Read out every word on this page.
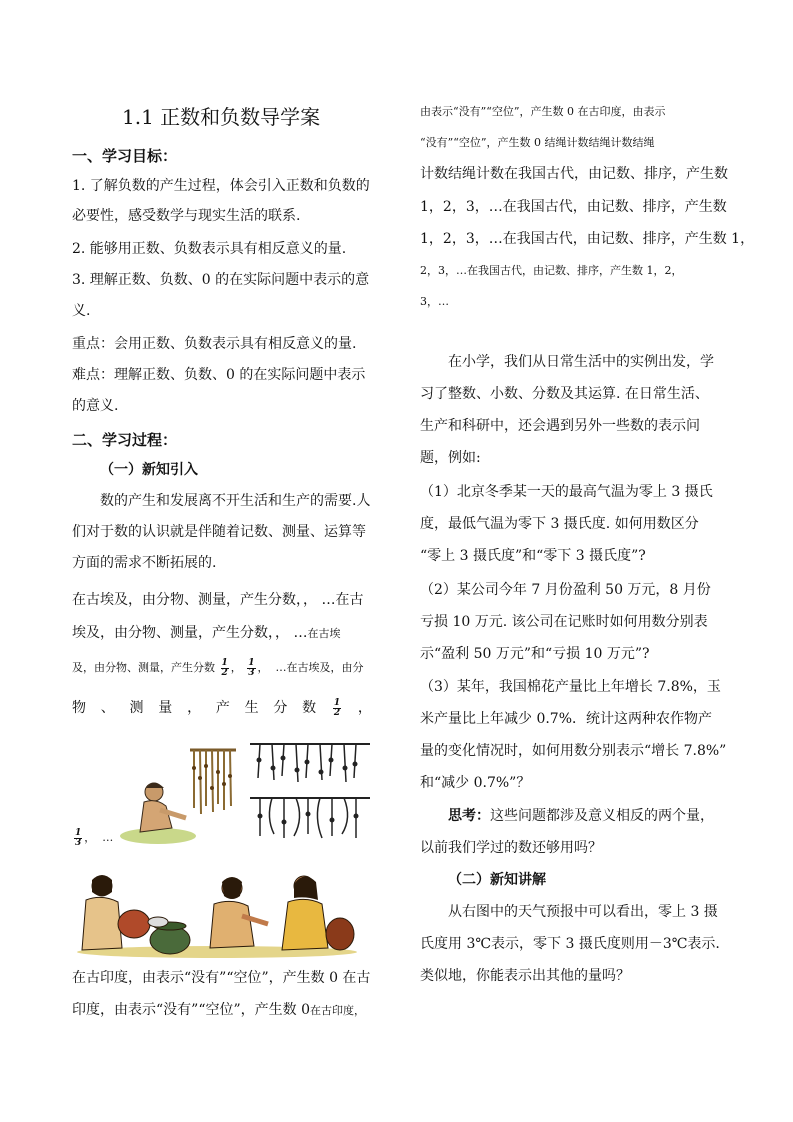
1.1 正数和负数导学案
一、学习目标：
1. 了解负数的产生过程，体会引入正数和负数的
必要性，感受数学与现实生活的联系.
2. 能够用正数、负数表示具有相反意义的量.
3. 理解正数、负数、0 的在实际问题中表示的意
义.
重点：会用正数、负数表示具有相反意义的量.
难点：理解正数、负数、0 的在实际问题中表示
的意义.
二、学习过程：
（一）新知引入
数的产生和发展离不开生活和生产的需要.人
们对于数的认识就是伴随着记数、测量、运算等
方面的需求不断拓展的.
在古埃及，由分物、测量，产生分数，， …在古
埃及，由分物、测量，产生分数，， …在古埃
及，由分物、测量，产生分数 $\frac{1}{2}$ ， $\frac{1}{3}$ ， …在古埃及，由分
物 、 测 量 ， 产 生 分 数 $\frac{1}{2}$ ，
$\frac{1}{3}$ ， …
在古印度，由表示“没有”“空位”，产生数 0 在古
印度，由表示“没有”“空位”，产生数 0在古印度，
由表示“没有”“空位”，产生数 0 在古印度，由表示
“没有”“空位”，产生数 0 结绳计数结绳计数结绳
计数结绳计数在我国古代，由记数、排序，产生数
1，2，3，…在我国古代，由记数、排序，产生数
1，2，3，…在我国古代，由记数、排序，产生数 1，
2，3，…在我国古代，由记数、排序，产生数 1，2，
3，…
在小学，我们从日常生活中的实例出发，学
习了整数、小数、分数及其运算. 在日常生活、
生产和科研中，还会遇到另外一些数的表示问
题，例如:
（1）北京冬季某一天的最高气温为零上 3 摄氏
度，最低气温为零下 3 摄氏度. 如何用数区分
“零上 3 摄氏度”和“零下 3 摄氏度”?
（2）某公司今年 7 月份盈利 50 万元，8 月份
亏损 10 万元. 该公司在记账时如何用数分别表
示“盈利 50 万元”和“亏损 10 万元”?
（3）某年，我国棉花产量比上年增长 7.8%，玉
米产量比上年减少 0.7%．统计这两种农作物产
量的变化情况时，如何用数分别表示“增长 7.8%”
和“减少 0.7%”？
思考：这些问题都涉及意义相反的两个量，
以前我们学过的数还够用吗？
（二）新知讲解
从右图中的天气预报中可以看出，零上 3 摄
氏度用 3℃表示，零下 3 摄氏度则用－3℃表示.
类似地，你能表示出其他的量吗？
